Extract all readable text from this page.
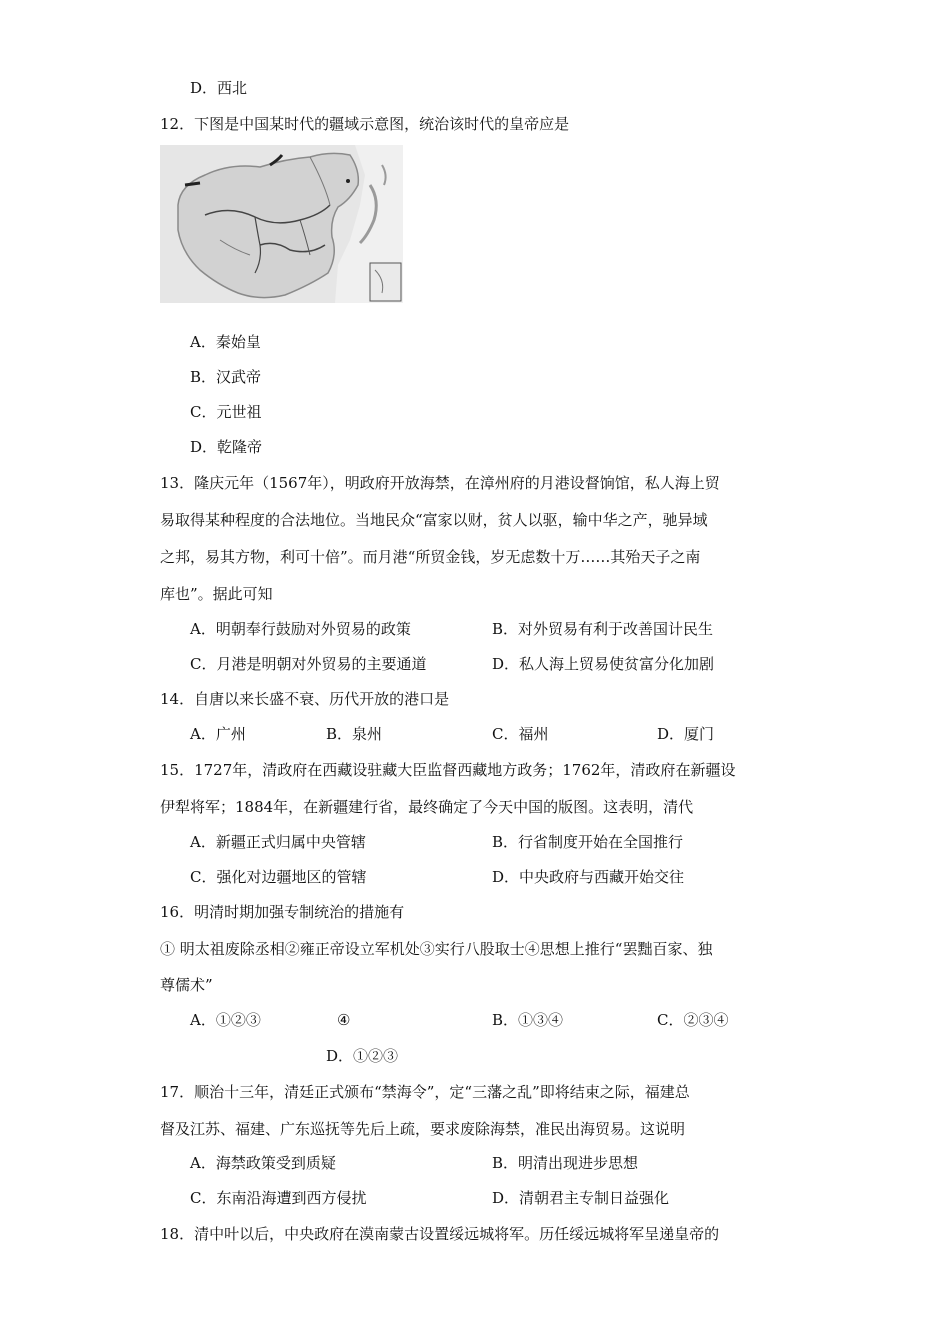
D．西北
12．下图是中国某时代的疆域示意图，统治该时代的皇帝应是
A．秦始皇
B．汉武帝
C．元世祖
D．乾隆帝
13．隆庆元年（1567年），明政府开放海禁，在漳州府的月港设督饷馆，私人海上贸
易取得某种程度的合法地位。当地民众“富家以财，贫人以驱，输中华之产，驰异域
之邦，易其方物，利可十倍”。而月港“所贸金钱，岁无虑数十万……其殆天子之南
库也”。据此可知
A．明朝奉行鼓励对外贸易的政策	B．对外贸易有利于改善国计民生
C．月港是明朝对外贸易的主要通道	D．私人海上贸易使贫富分化加剧
14．自唐以来长盛不衰、历代开放的港口是
A．广州	B．泉州	C．福州	D．厦门
15．1727年，清政府在西藏设驻藏大臣监督西藏地方政务；1762年，清政府在新疆设
伊犁将军；1884年，在新疆建行省，最终确定了今天中国的版图。这表明，清代
A．新疆正式归属中央管辖	B．行省制度开始在全国推行
C．强化对边疆地区的管辖	D．中央政府与西藏开始交往
16．明清时期加强专制统治的措施有
① 明太祖废除丞相②雍正帝设立军机处③实行八股取士④思想上推行“罢黜百家、独
尊儒术”
A．①②③	④	B．①③④	C．②③④
D．①②③
17．顺治十三年，清廷正式颁布“禁海令”，定“三藩之乱”即将结束之际，福建总
督及江苏、福建、广东巡抚等先后上疏，要求废除海禁，准民出海贸易。这说明
A．海禁政策受到质疑	B．明清出现进步思想
C．东南沿海遭到西方侵扰	D．清朝君主专制日益强化
18．清中叶以后，中央政府在漠南蒙古设置绥远城将军。历任绥远城将军呈递皇帝的
